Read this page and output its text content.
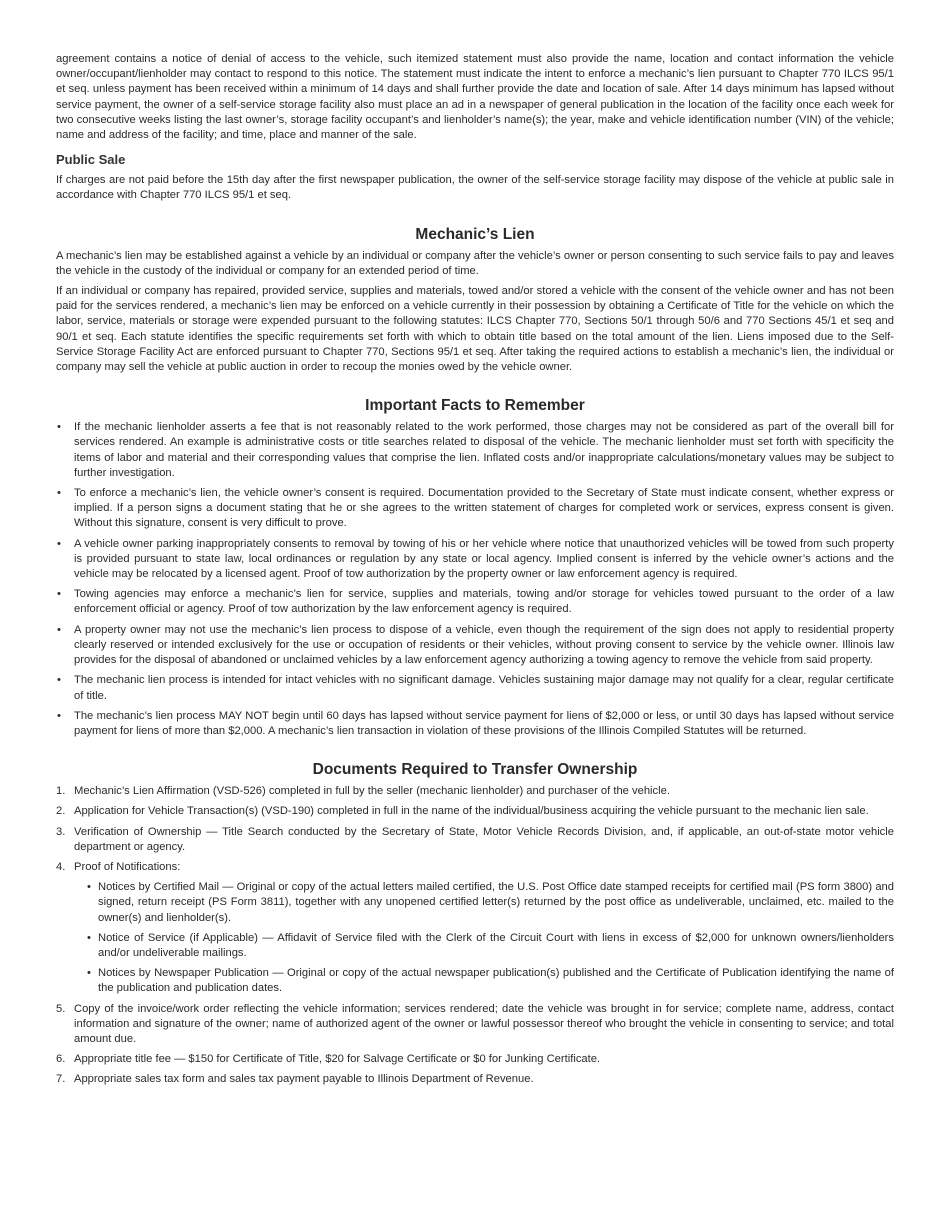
agreement contains a notice of denial of access to the vehicle, such itemized statement must also provide the name, location and contact information the vehicle owner/occupant/lienholder may contact to respond to this notice. The statement must indicate the intent to enforce a mechanic’s lien pursuant to Chapter 770 ILCS 95/1 et seq. unless payment has been received within a minimum of 14 days and shall further provide the date and location of sale. After 14 days minimum has lapsed without service payment, the owner of a self-service storage facility also must place an ad in a newspaper of general publication in the location of the facility once each week for two consecutive weeks listing the last owner’s, storage facility occupant’s and lienholder’s name(s); the year, make and vehicle identification number (VIN) of the vehicle; name and address of the facility; and time, place and manner of the sale.

Public Sale

If charges are not paid before the 15th day after the first newspaper publication, the owner of the self-service storage facility may dispose of the vehicle at public sale in accordance with Chapter 770 ILCS 95/1 et seq.

Mechanic’s Lien

A mechanic’s lien may be established against a vehicle by an individual or company after the vehicle’s owner or person consenting to such service fails to pay and leaves the vehicle in the custody of the individual or company for an extended period of time.

If an individual or company has repaired, provided service, supplies and materials, towed and/or stored a vehicle with the consent of the vehicle owner and has not been paid for the services rendered, a mechanic’s lien may be enforced on a vehicle currently in their possession by obtaining a Certificate of Title for the vehicle on which the labor, service, materials or storage were expended pursuant to the following statutes: ILCS Chapter 770, Sections 50/1 through 50/6 and 770 Sections 45/1 et seq and 90/1 et seq. Each statute identifies the specific requirements set forth with which to obtain title based on the total amount of the lien. Liens imposed due to the Self-Service Storage Facility Act are enforced pursuant to Chapter 770, Sections 95/1 et seq. After taking the required actions to establish a mechanic’s lien, the individual or company may sell the vehicle at public auction in order to recoup the monies owed by the vehicle owner.

Important Facts to Remember
• If the mechanic lienholder asserts a fee that is not reasonably related to the work performed, those charges may not be considered as part of the overall bill for services rendered. An example is administrative costs or title searches related to disposal of the vehicle. The mechanic lienholder must set forth with specificity the items of labor and material and their corresponding values that comprise the lien. Inflated costs and/or inappropriate calculations/monetary values may be subject to further investigation.
• To enforce a mechanic’s lien, the vehicle owner’s consent is required. Documentation provided to the Secretary of State must indicate consent, whether express or implied. If a person signs a document stating that he or she agrees to the written statement of charges for completed work or services, express consent is given. Without this signature, consent is very difficult to prove.
• A vehicle owner parking inappropriately consents to removal by towing of his or her vehicle where notice that unauthorized vehicles will be towed from such property is provided pursuant to state law, local ordinances or regulation by any state or local agency. Implied consent is inferred by the vehicle owner’s actions and the vehicle may be relocated by a licensed agent. Proof of tow authorization by the property owner or law enforcement agency is required.
• Towing agencies may enforce a mechanic’s lien for service, supplies and materials, towing and/or storage for vehicles towed pursuant to the order of a law enforcement official or agency. Proof of tow authorization by the law enforcement agency is required.
• A property owner may not use the mechanic’s lien process to dispose of a vehicle, even though the requirement of the sign does not apply to residential property clearly reserved or intended exclusively for the use or occupation of residents or their vehicles, without proving consent to service by the vehicle owner. Illinois law provides for the disposal of abandoned or unclaimed vehicles by a law enforcement agency authorizing a towing agency to remove the vehicle from said property.
• The mechanic lien process is intended for intact vehicles with no significant damage. Vehicles sustaining major damage may not qualify for a clear, regular certificate of title.
• The mechanic’s lien process MAY NOT begin until 60 days has lapsed without service payment for liens of $2,000 or less, or until 30 days has lapsed without service payment for liens of more than $2,000. A mechanic’s lien transaction in violation of these provisions of the Illinois Compiled Statutes will be returned.
Documents Required to Transfer Ownership
1. Mechanic’s Lien Affirmation (VSD-526) completed in full by the seller (mechanic lienholder) and purchaser of the vehicle.
2. Application for Vehicle Transaction(s) (VSD-190) completed in full in the name of the individual/business acquiring the vehicle pursuant to the mechanic lien sale.
3. Verification of Ownership — Title Search conducted by the Secretary of State, Motor Vehicle Records Division, and, if applicable, an out-of-state motor vehicle department or agency.
4. Proof of Notifications:
• Notices by Certified Mail — Original or copy of the actual letters mailed certified, the U.S. Post Office date stamped receipts for certified mail (PS form 3800) and signed, return receipt (PS Form 3811), together with any unopened certified letter(s) returned by the post office as undeliverable, unclaimed, etc. mailed to the owner(s) and lienholder(s).
• Notice of Service (if Applicable) — Affidavit of Service filed with the Clerk of the Circuit Court with liens in excess of $2,000 for unknown owners/lienholders and/or undeliverable mailings.
• Notices by Newspaper Publication — Original or copy of the actual newspaper publication(s) published and the Certificate of Publication identifying the name of the publication and publication dates.
5. Copy of the invoice/work order reflecting the vehicle information; services rendered; date the vehicle was brought in for service; complete name, address, contact information and signature of the owner; name of authorized agent of the owner or lawful possessor thereof who brought the vehicle in consenting to service; and total amount due.
6. Appropriate title fee — $150 for Certificate of Title, $20 for Salvage Certificate or $0 for Junking Certificate.
7. Appropriate sales tax form and sales tax payment payable to Illinois Department of Revenue.
